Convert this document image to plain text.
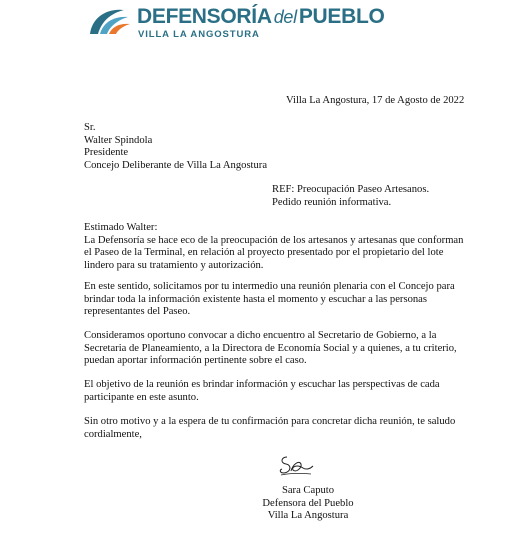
DEFENSORÍA delPUEBLO
VILLA LA ANGOSTURA
Villa La Angostura, 17 de Agosto de 2022
Sr.
Walter Spindola
Presidente
Concejo Deliberante de Villa La Angostura
REF: Preocupación Paseo Artesanos.
Pedido reunión informativa.
Estimado Walter:
La Defensoría se hace eco de la preocupación de los artesanos y artesanas que conforman
el Paseo de la Terminal, en relación al proyecto presentado por el propietario del lote
lindero para su tratamiento y autorización.
En este sentido, solicitamos por tu intermedio una reunión plenaria con el Concejo para
brindar toda la información existente hasta el momento y escuchar a las personas
representantes del Paseo.
Consideramos oportuno convocar a dicho encuentro al Secretario de Gobierno, a la
Secretaria de Planeamiento, a la Directora de Economía Social y a quienes, a tu criterio,
puedan aportar información pertinente sobre el caso.
El objetivo de la reunión es brindar información y escuchar las perspectivas de cada
participante en este asunto.
Sin otro motivo y a la espera de tu confirmación para concretar dicha reunión, te saludo
cordialmente,
Sara Caputo
Defensora del Pueblo
Villa La Angostura
